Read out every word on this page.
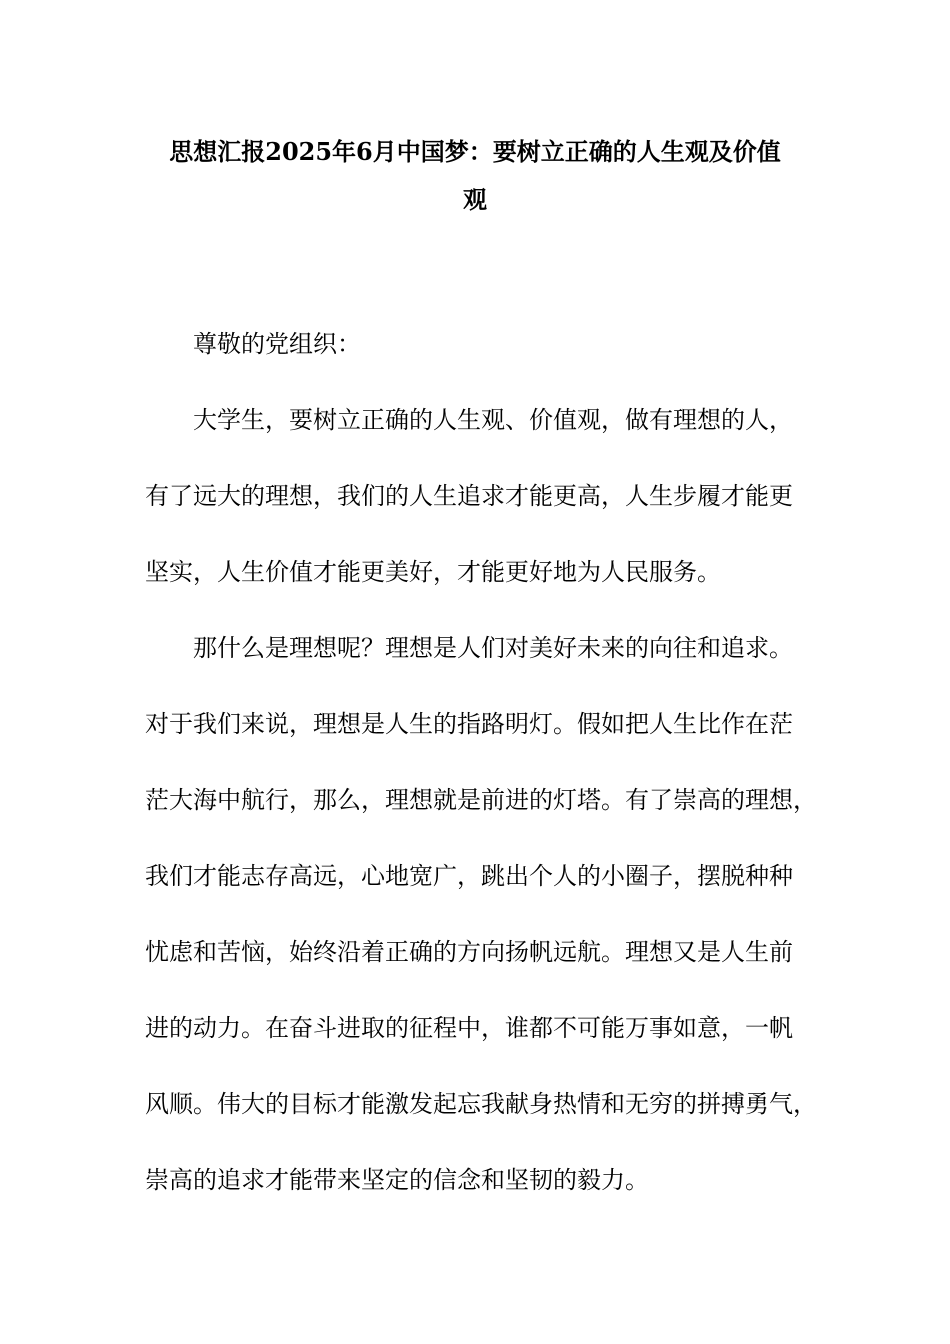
思想汇报2025年6月中国梦：要树立正确的人生观及价值
观
尊敬的党组织：
大学生，要树立正确的人生观、价值观，做有理想的人，
有了远大的理想，我们的人生追求才能更高，人生步履才能更
坚实，人生价值才能更美好，才能更好地为人民服务。
那什么是理想呢？理想是人们对美好未来的向往和追求。
对于我们来说，理想是人生的指路明灯。假如把人生比作在茫
茫大海中航行，那么，理想就是前进的灯塔。有了崇高的理想，
我们才能志存高远，心地宽广，跳出个人的小圈子，摆脱种种
忧虑和苦恼，始终沿着正确的方向扬帆远航。理想又是人生前
进的动力。在奋斗进取的征程中，谁都不可能万事如意，一帆
风顺。伟大的目标才能激发起忘我献身热情和无穷的拼搏勇气，
崇高的追求才能带来坚定的信念和坚韧的毅力。
